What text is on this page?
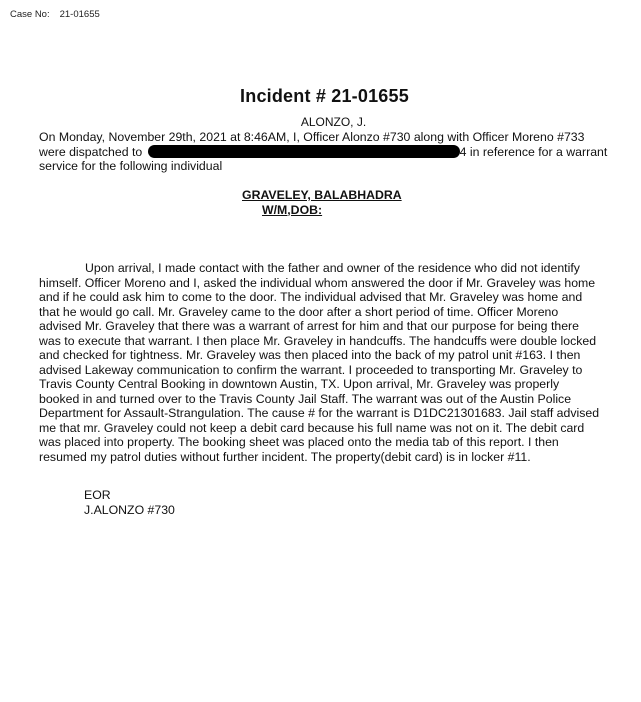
Case No: 21-01655
Incident # 21-01655
ALONZO, J.
On Monday, November 29th, 2021 at 8:46AM, I, Officer Alonzo #730 along with Officer Moreno #733
were dispatched to	4 in reference for a warrant
service for the following individual
GRAVELEY, BALABHADRA
W/M,DOB:
Upon arrival, I made contact with the father and owner of the residence who did not identify
himself. Officer Moreno and I, asked the individual whom answered the door if Mr. Graveley was home
and if he could ask him to come to the door. The individual advised that Mr. Graveley was home and
that he would go call. Mr. Graveley came to the door after a short period of time. Officer Moreno
advised Mr. Graveley that there was a warrant of arrest for him and that our purpose for being there
was to execute that warrant. I then place Mr. Graveley in handcuffs. The handcuffs were double locked
and checked for tightness. Mr. Graveley was then placed into the back of my patrol unit #163. I then
advised Lakeway communication to confirm the warrant. I proceeded to transporting Mr. Graveley to
Travis County Central Booking in downtown Austin, TX. Upon arrival, Mr. Graveley was properly
booked in and turned over to the Travis County Jail Staff. The warrant was out of the Austin Police
Department for Assault-Strangulation. The cause # for the warrant is D1DC21301683. Jail staff advised
me that mr. Graveley could not keep a debit card because his full name was not on it. The debit card
was placed into property. The booking sheet was placed onto the media tab of this report. I then
resumed my patrol duties without further incident. The property(debit card) is in locker #11.
EOR
J.ALONZO #730
